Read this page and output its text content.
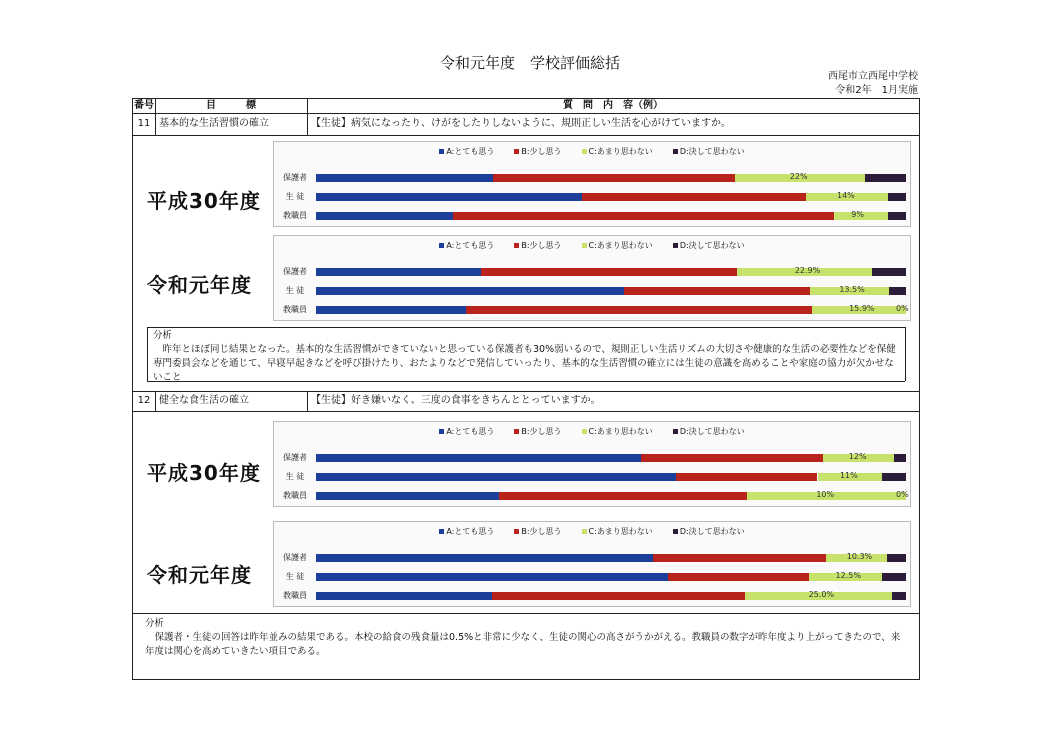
令和元年度　学校評価総括
西尾市立西尾中学校
令和2年　1月実施
番号	目　　　標	質　問　内　容（例）
11 基本的な生活習慣の確立	【生徒】病気になったり、けがをしたりしないように、規則正しい生活を心がけていますか。
平成30年度
令和元年度
A:とても思う	B:少し思う	C:あまり思わない	D:決して思わない
保護者	22%
生 徒	14%
教職員	9%
A:とても思う	B:少し思う	C:あまり思わない	D:決して思わない
保護者	22.9%
生 徒	13.5%
教職員	15.9%	0%
分析
昨年とほぼ同じ結果となった。基本的な生活習慣ができていないと思っている保護者も30%弱いるので、規則正しい生活リズムの大切さや健康的な生活の必要性などを保健専門委員会などを通じて、早寝早起きなどを呼び掛けたり、おたよりなどで発信していったり、基本的な生活習慣の確立には生徒の意識を高めることや家庭の協力が欠かせないこと
12 健全な食生活の確立	【生徒】好き嫌いなく、三度の食事をきちんととっていますか。
平成30年度
令和元年度
A:とても思う	B:少し思う	C:あまり思わない	D:決して思わない
保護者	12%
生 徒	11%
教職員	10%	0%
A:とても思う	B:少し思う	C:あまり思わない	D:決して思わない
保護者	10.3%
生 徒	12.5%
教職員	25.0%
分析
保護者・生徒の回答は昨年並みの結果である。本校の給食の残食量は0.5%と非常に少なく、生徒の関心の高さがうかがえる。教職員の数字が昨年度より上がってきたので、来年度は関心を高めていきたい項目である。
